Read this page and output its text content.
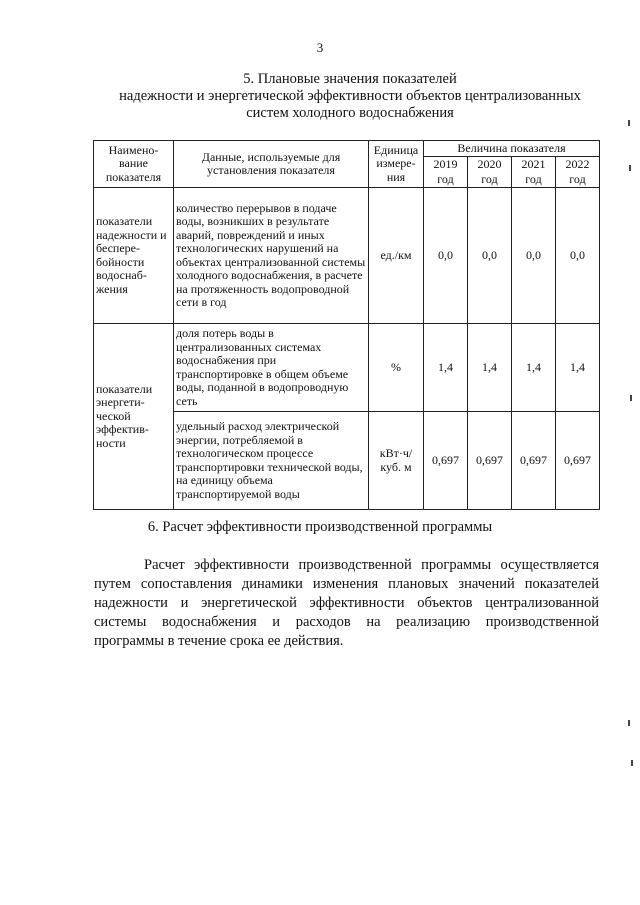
3
5. Плановые значения показателей
надежности и энергетической эффективности объектов централизованных
систем холодного водоснабжения
Наимено-вание показателя	Данные, используемые для установления показателя	Единица измере-ния	Величина показателя			
			2019 год	2020 год	2021 год	2022 год
показатели надежности и беспере-бойности водоснаб-жения	количество перерывов в подаче воды, возникших в результате аварий, повреждений и иных технологических нарушений на объектах централизованной системы холодного водоснабжения, в расчете на протяженность водопроводной сети в год	ед./км	0,0	0,0	0,0	0,0
показатели энергети-ческой эффектив-ности	доля потерь воды в централизованных системах водоснабжения при транспортировке в общем объеме воды, поданной в водопроводную сеть	%	1,4	1,4	1,4	1,4
	удельный расход электрической энергии, потребляемой в технологическом процессе транспортировки технической воды, на единицу объема транспортируемой воды	кВт·ч/ куб. м	0,697	0,697	0,697	0,697
6. Расчет эффективности производственной программы
Расчет эффективности производственной программы осуществляется путем сопоставления динамики изменения плановых значений показателей надежности и энергетической эффективности объектов централизованной системы водоснабжения и расходов на реализацию производственной программы в течение срока ее действия.
